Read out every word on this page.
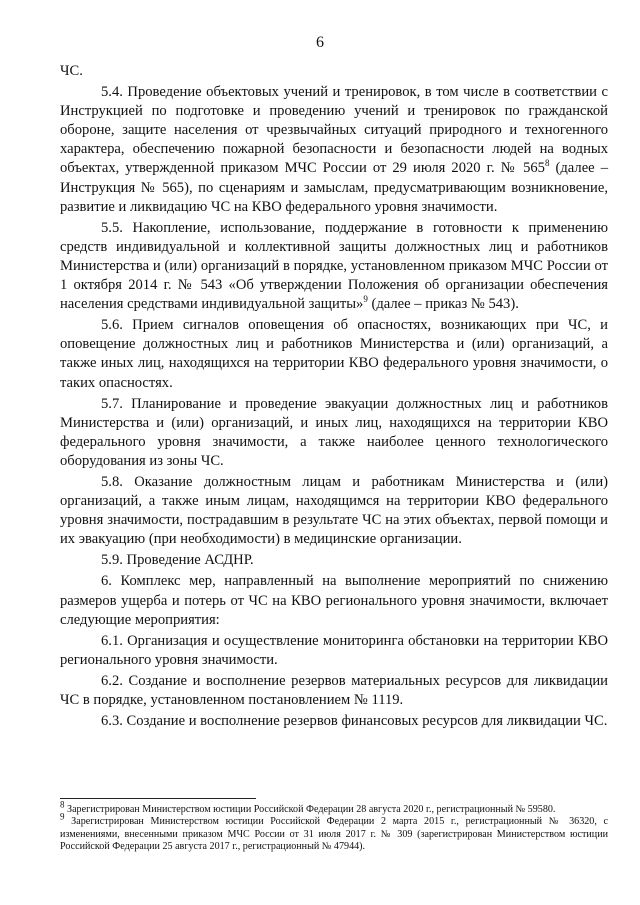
6

ЧС.

5.4. Проведение объектовых учений и тренировок, в том числе в соответствии с Инструкцией по подготовке и проведению учений и тренировок по гражданской обороне, защите населения от чрезвычайных ситуаций природного и техногенного характера, обеспечению пожарной безопасности и безопасности людей на водных объектах, утвержденной приказом МЧС России от 29 июля 2020 г. № $565^8$ (далее – Инструкция № 565), по сценариям и замыслам, предусматривающим возникновение, развитие и ликвидацию ЧС на КВО федерального уровня значимости.

5.5. Накопление, использование, поддержание в готовности к применению средств индивидуальной и коллективной защиты должностных лиц и работников Министерства и (или) организаций в порядке, установленном приказом МЧС России от 1 октября 2014 г. № 543 «Об утверждении Положения об организации обеспечения населения средствами индивидуальной защиты»$^9$ (далее – приказ № 543).

5.6. Прием сигналов оповещения об опасностях, возникающих при ЧС, и оповещение должностных лиц и работников Министерства и (или) организаций, а также иных лиц, находящихся на территории КВО федерального уровня значимости, о таких опасностях.

5.7. Планирование и проведение эвакуации должностных лиц и работников Министерства и (или) организаций, и иных лиц, находящихся на территории КВО федерального уровня значимости, а также наиболее ценного технологического оборудования из зоны ЧС.

5.8. Оказание должностным лицам и работникам Министерства и (или) организаций, а также иным лицам, находящимся на территории КВО федерального уровня значимости, пострадавшим в результате ЧС на этих объектах, первой помощи и их эвакуацию (при необходимости) в медицинские организации.

5.9. Проведение АСДНР.

6. Комплекс мер, направленный на выполнение мероприятий по снижению размеров ущерба и потерь от ЧС на КВО регионального уровня значимости, включает следующие мероприятия:

6.1. Организация и осуществление мониторинга обстановки на территории КВО регионального уровня значимости.

6.2. Создание и восполнение резервов материальных ресурсов для ликвидации ЧС в порядке, установленном постановлением № 1119.

6.3. Создание и восполнение резервов финансовых ресурсов для ликвидации ЧС.

$^8$ Зарегистрирован Министерством юстиции Российской Федерации 28 августа 2020 г., регистрационный № 59580.

$^9$ Зарегистрирован Министерством юстиции Российской Федерации 2 марта 2015 г., регистрационный № 36320, с изменениями, внесенными приказом МЧС России от 31 июля 2017 г. № 309 (зарегистрирован Министерством юстиции Российской Федерации 25 августа 2017 г., регистрационный № 47944).
